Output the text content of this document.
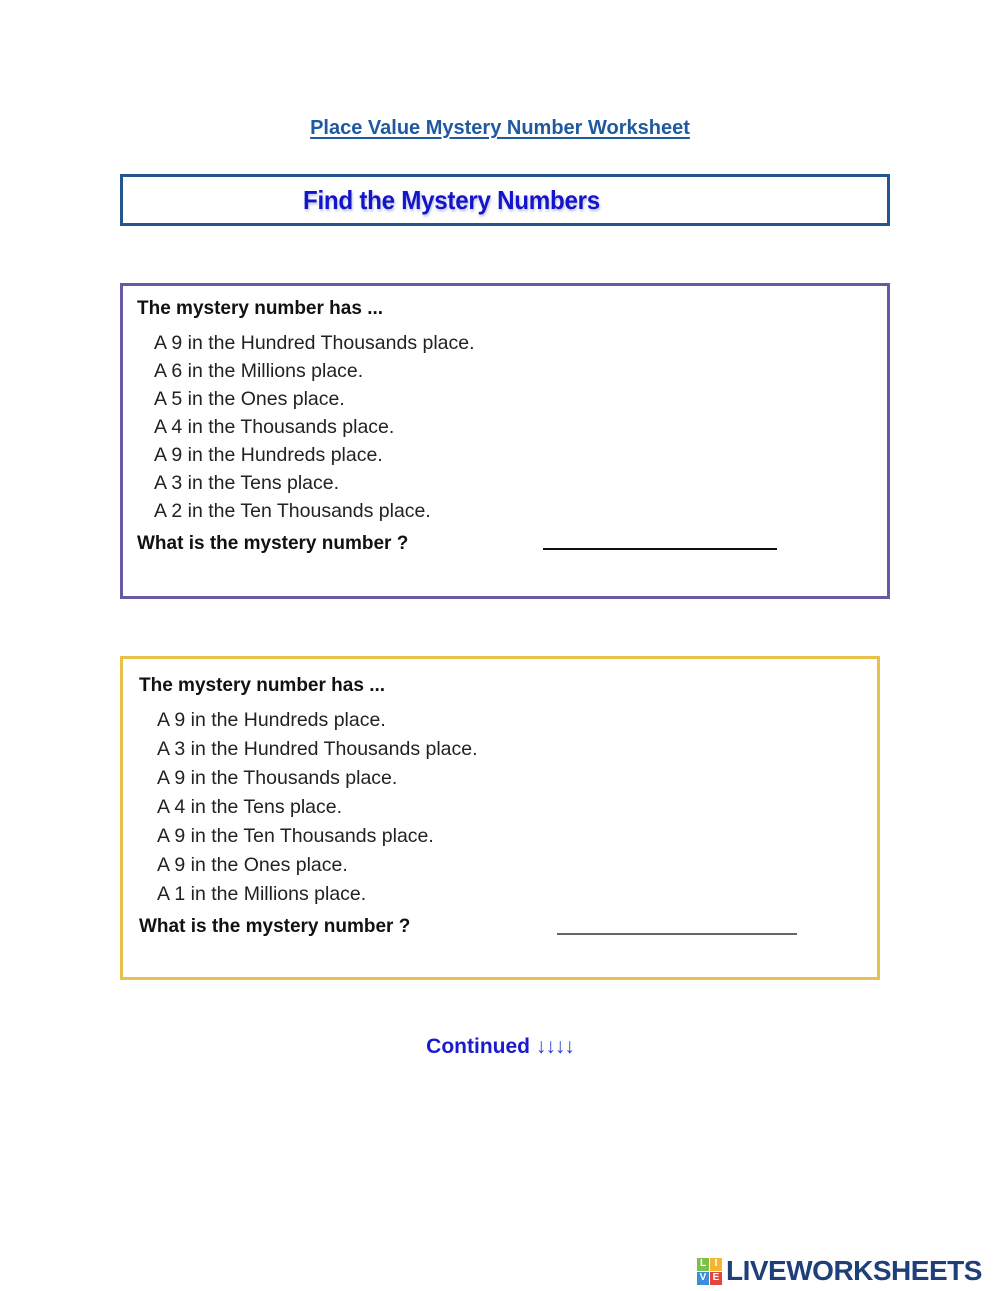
Place Value Mystery Number Worksheet
Find the Mystery Numbers
The mystery number has ...
A 9 in the Hundred Thousands place.
A 6 in the Millions place.
A 5 in the Ones place.
A 4 in the Thousands place.
A 9 in the Hundreds place.
A 3 in the Tens place.
A 2 in the Ten Thousands place.
What is the mystery number ?
The mystery number has ...
A 9 in the Hundreds place.
A 3 in the Hundred Thousands place.
A 9 in the Thousands place.
A 4 in the Tens place.
A 9 in the Ten Thousands place.
A 9 in the Ones place.
A 1 in the Millions place.
What is the mystery number ?
Continued ↓↓↓↓
L I
V E LIVEWORKSHEETS
